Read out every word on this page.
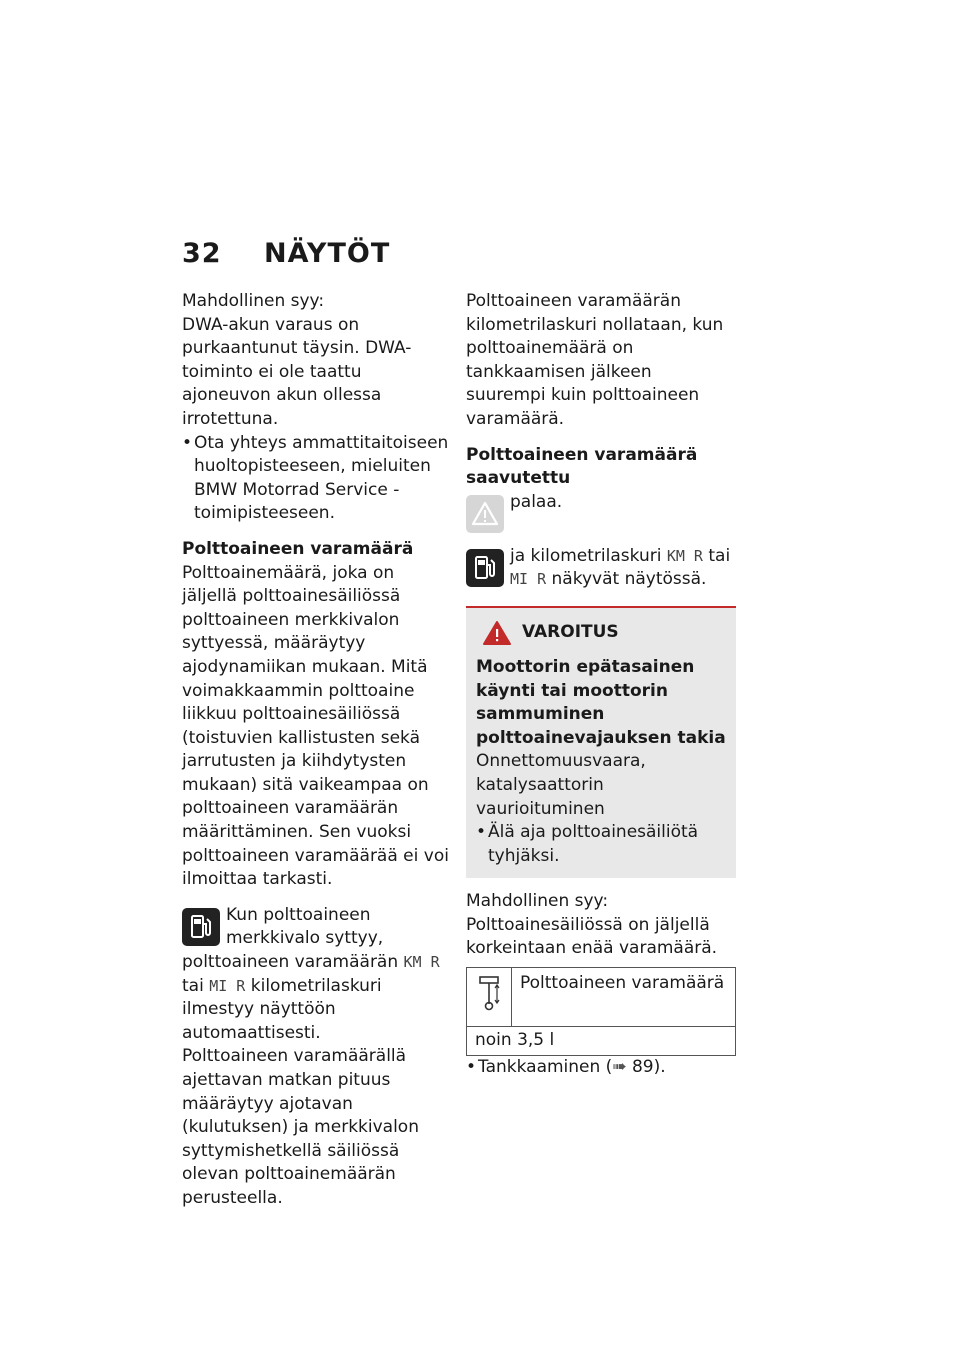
32 NÄYTÖT

Mahdollinen syy:

DWA-akun varaus on purkaantunut täysin. DWA-toiminto ei ole taattu ajoneuvon akun ollessa irrotettuna.

• Ota yhteys ammattitaitoiseen huoltopisteeseen, mieluiten BMW Motorrad Service -toimipisteeseen.

Polttoaineen varamäärä

Polttoainemäärä, joka on jäljellä polttoainesäiliössä polttoaineen merkkivalon syttyessä, määräytyy ajodynamiikan mukaan. Mitä voimakkaammin polttoaine liikkuu polttoainesäiliössä (toistuvien kallistusten sekä jarrutusten ja kiihdytysten mukaan) sitä vaikeampaa on polttoaineen varamäärän määrittäminen. Sen vuoksi polttoaineen varamäärää ei voi ilmoittaa tarkasti.

Kun polttoaineen merkkivalo syttyy, polttoaineen varamäärän KM R tai MI R kilometrilaskuri ilmestyy näyttöön automaattisesti.

Polttoaineen varamäärällä ajettavan matkan pituus määräytyy ajotavan (kulutuksen) ja merkkivalon syttymishetkellä säiliössä olevan polttoainemäärän perusteella.

Polttoaineen varamäärän kilometrilaskuri nollataan, kun polttoainemäärä on tankkaamisen jälkeen suurempi kuin polttoaineen varamäärä.

Polttoaineen varamäärä saavutettu

palaa.
ja kilometrilaskuri KM R tai MI R näkyvät näytössä.
VAROITUS

Moottorin epätasainen käynti tai moottorin sammuminen polttoainevajauksen takia

Onnettomuusvaara, katalysaattorin vaurioituminen

• Älä aja polttoainesäiliötä tyhjäksi.

Mahdollinen syy:

Polttoainesäiliössä on jäljellä korkeintaan enää varamäärä.

Polttoaineen varamäärä
noin 3,5 l

• Tankkaaminen (➠ 89).
